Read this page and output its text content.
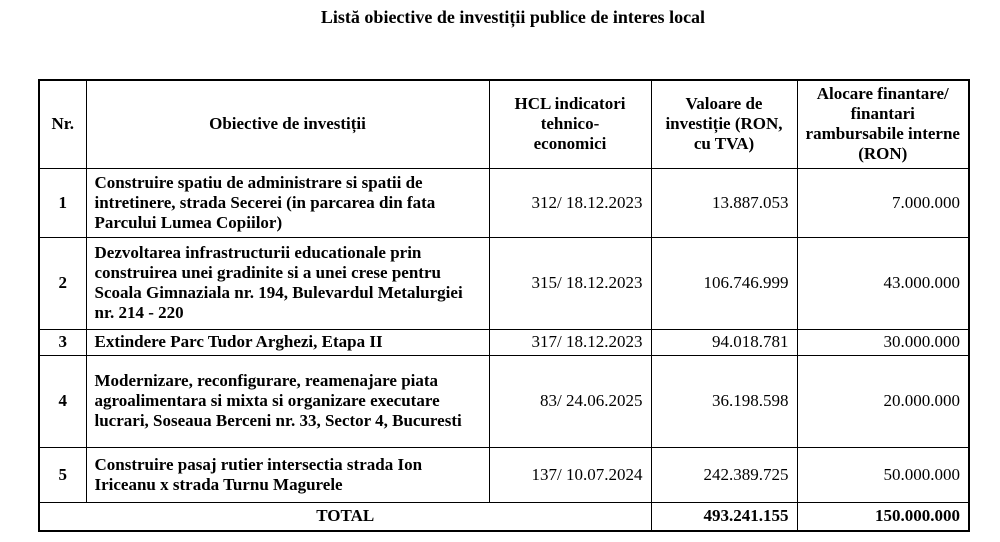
Listă obiective de investiții publice de interes local
Nr.	Obiective de investiții	HCL indicatori tehnico-economici	Valoare de investiție (RON, cu TVA)	Alocare finantare/ finantari rambursabile interne (RON)
1	Construire spatiu de administrare si spatii de intretinere, strada Secerei (in parcarea din fata Parcului Lumea Copiilor)	312/ 18.12.2023	13.887.053	7.000.000
2	Dezvoltarea infrastructurii educationale prin construirea unei gradinite si a unei crese pentru Scoala Gimnaziala nr. 194, Bulevardul Metalurgiei nr. 214 - 220	315/ 18.12.2023	106.746.999	43.000.000
3	Extindere Parc Tudor Arghezi, Etapa II	317/ 18.12.2023	94.018.781	30.000.000
4	Modernizare, reconfigurare, reamenajare piata agroalimentara si mixta si organizare executare lucrari, Soseaua Berceni nr. 33, Sector 4, Bucuresti	83/ 24.06.2025	36.198.598	20.000.000
5	Construire pasaj rutier intersectia strada Ion Iriceanu x strada Turnu Magurele	137/ 10.07.2024	242.389.725	50.000.000
TOTAL			493.241.155	150.000.000
